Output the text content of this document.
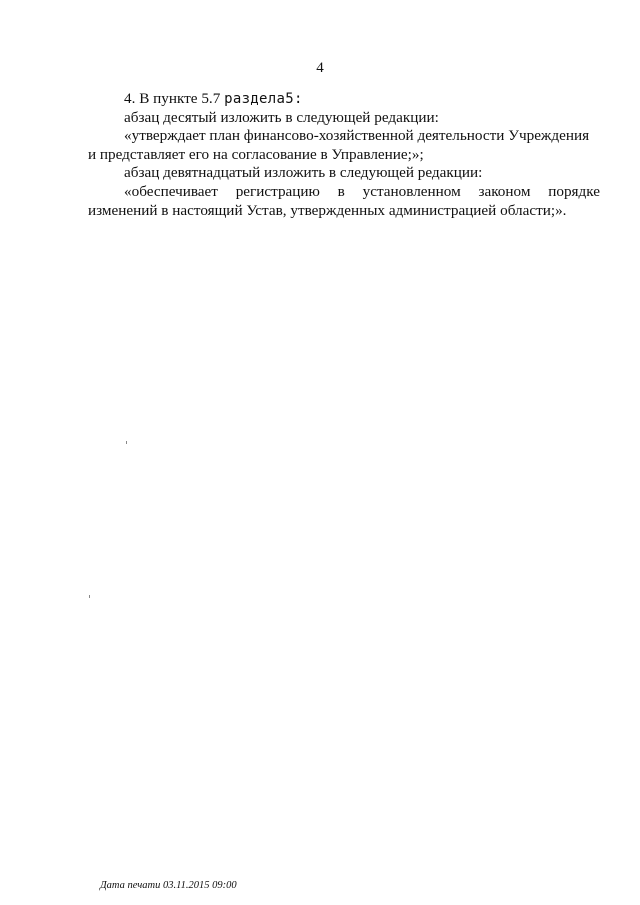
4
4. В пункте 5.7 раздела5:
абзац десятый изложить в следующей редакции:
«утверждает план финансово-хозяйственной деятельности Учреждения
и представляет его на согласование в Управление;»;
абзац девятнадцатый изложить в следующей редакции:
«обеспечивает регистрацию в установленном законом порядке
изменений в настоящий Устав, утвержденных администрацией области;».
Дата печати 03.11.2015 09:00
